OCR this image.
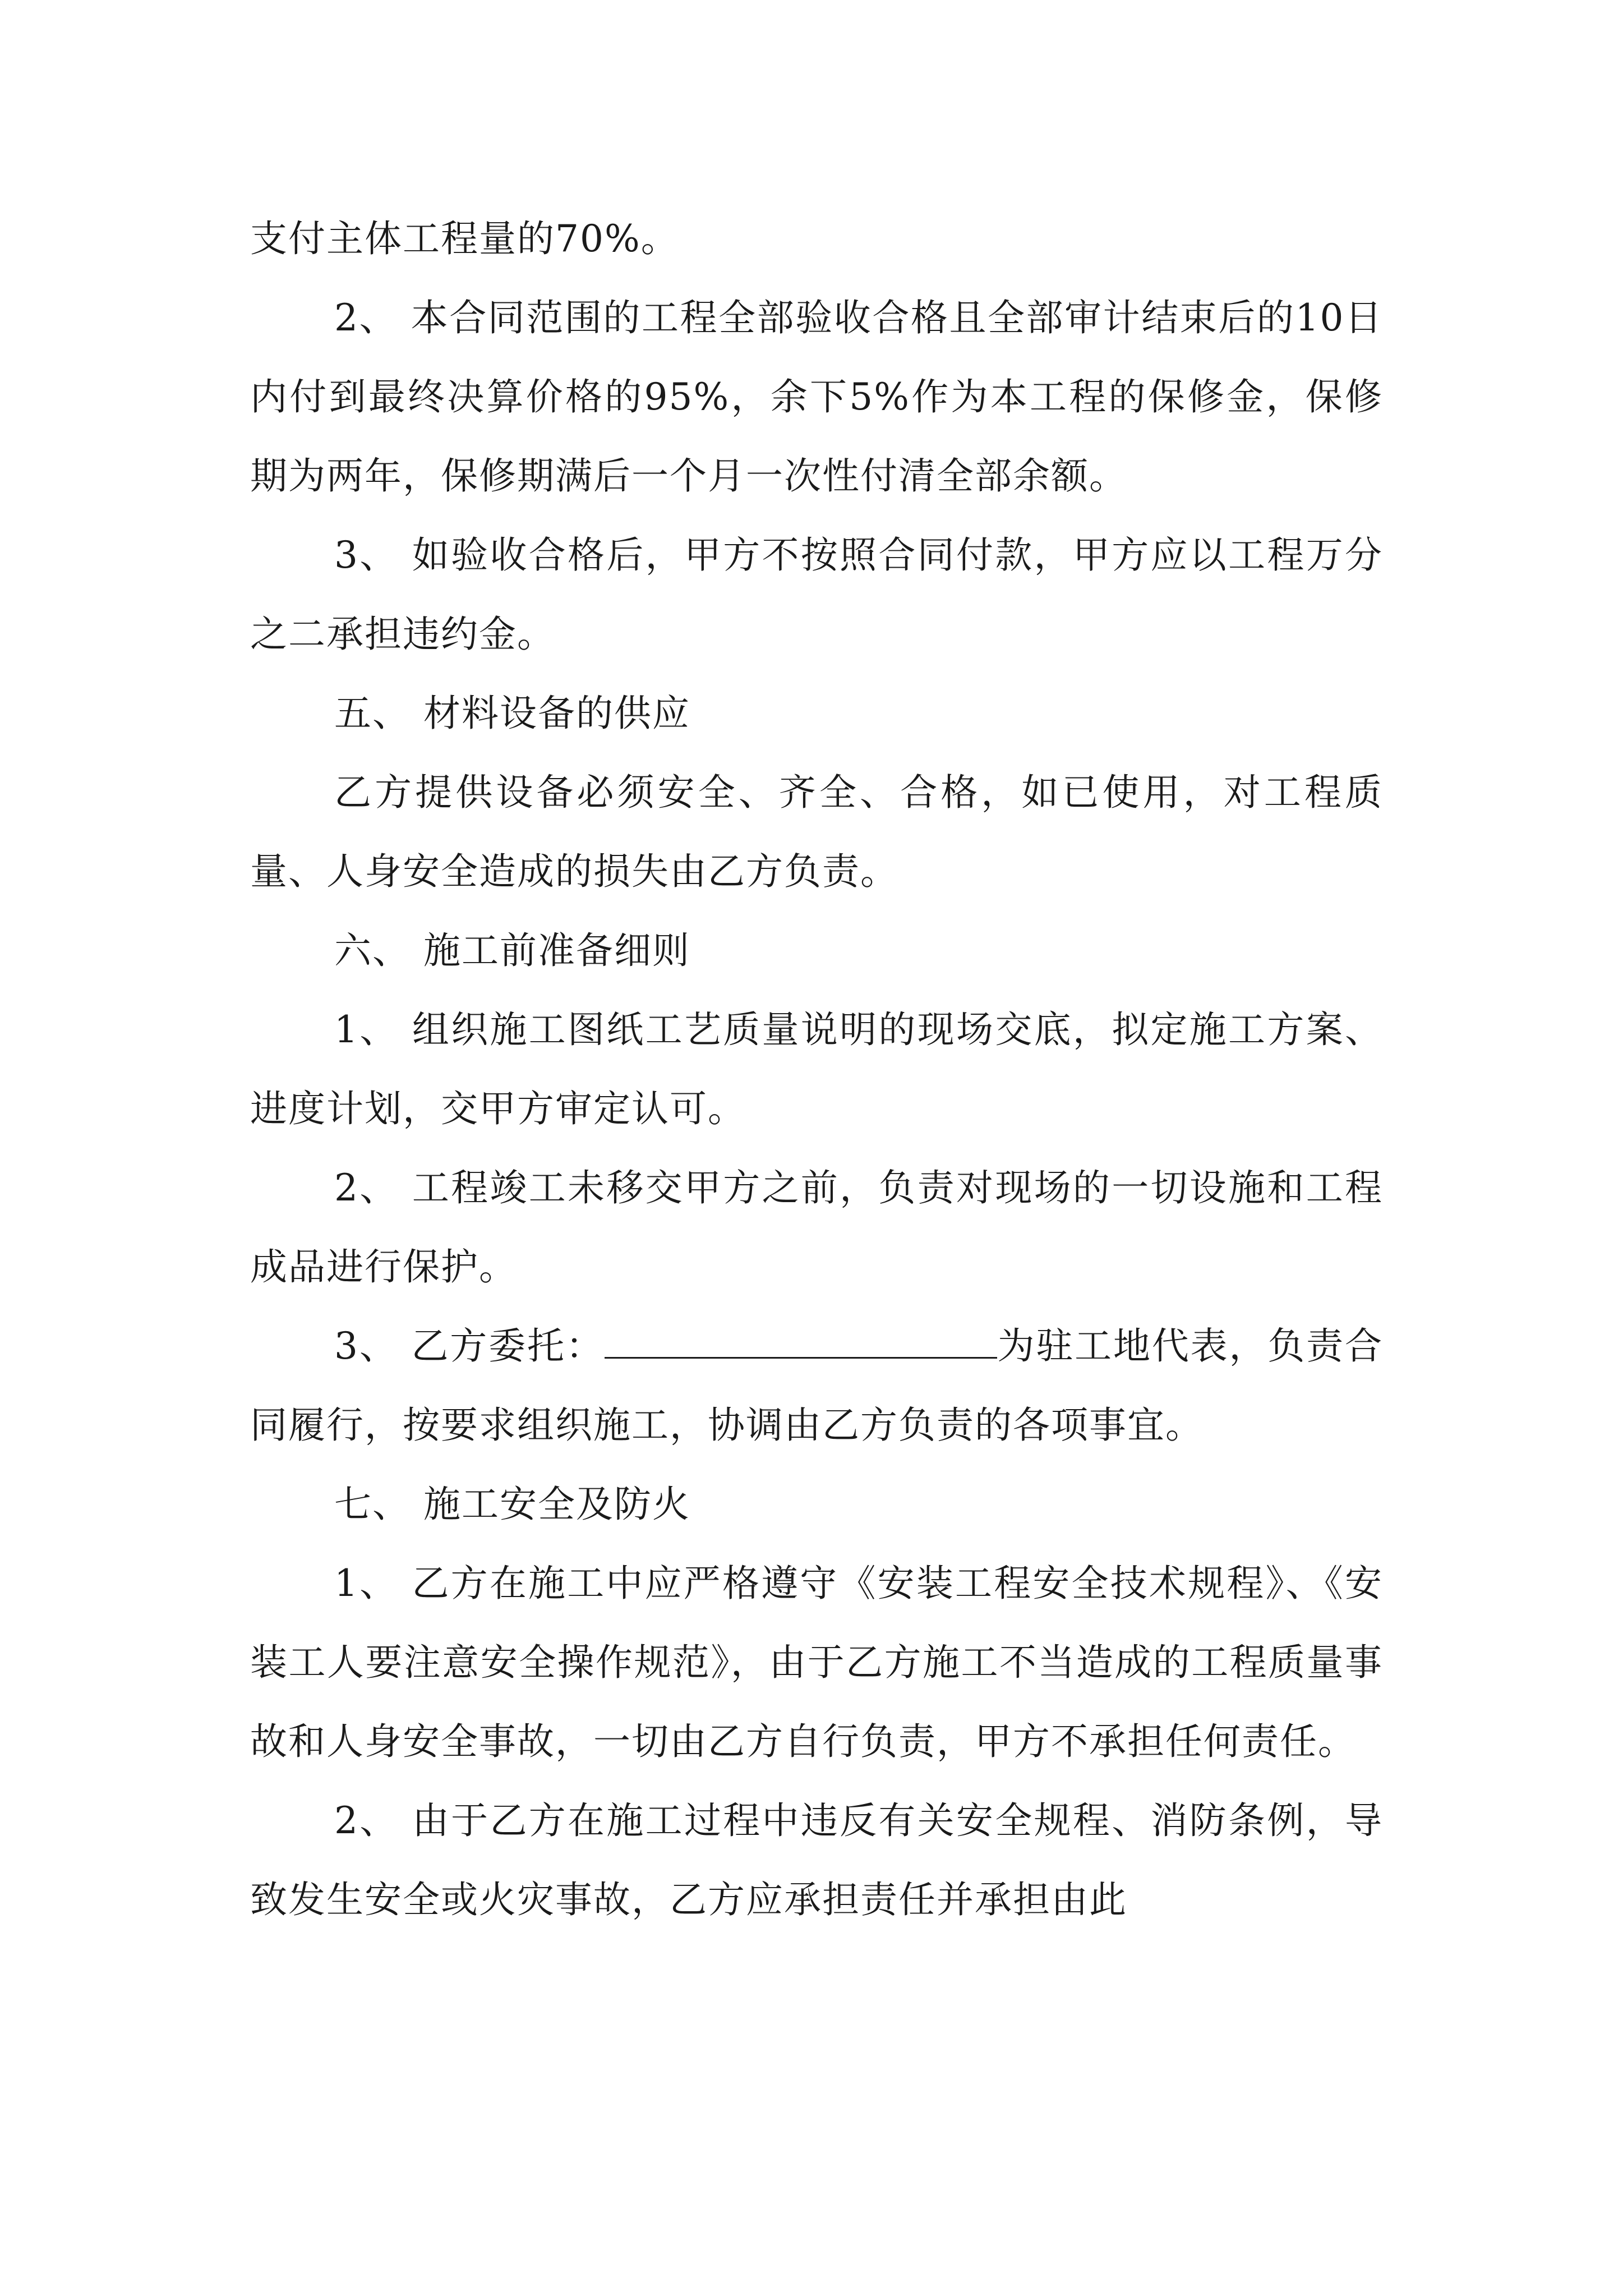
支付主体工程量的70%。

2、 本合同范围的工程全部验收合格且全部审计结束后的10日内付到最终决算价格的95%，余下5%作为本工程的保修金，保修期为两年，保修期满后一个月一次性付清全部余额。

3、 如验收合格后，甲方不按照合同付款，甲方应以工程万分之二承担违约金。

五、 材料设备的供应

乙方提供设备必须安全、齐全、合格，如已使用，对工程质量、人身安全造成的损失由乙方负责。

六、 施工前准备细则

1、 组织施工图纸工艺质量说明的现场交底，拟定施工方案、进度计划，交甲方审定认可。

2、 工程竣工未移交甲方之前，负责对现场的一切设施和工程成品进行保护。

3、 乙方委托：	为驻工地代表，负责合同履行，按要求组织施工，协调由乙方负责的各项事宜。

七、 施工安全及防火

1、 乙方在施工中应严格遵守《安装工程安全技术规程》、《安装工人要注意安全操作规范》，由于乙方施工不当造成的工程质量事故和人身安全事故，一切由乙方自行负责，甲方不承担任何责任。

2、 由于乙方在施工过程中违反有关安全规程、消防条例，导致发生安全或火灾事故，乙方应承担责任并承担由此
